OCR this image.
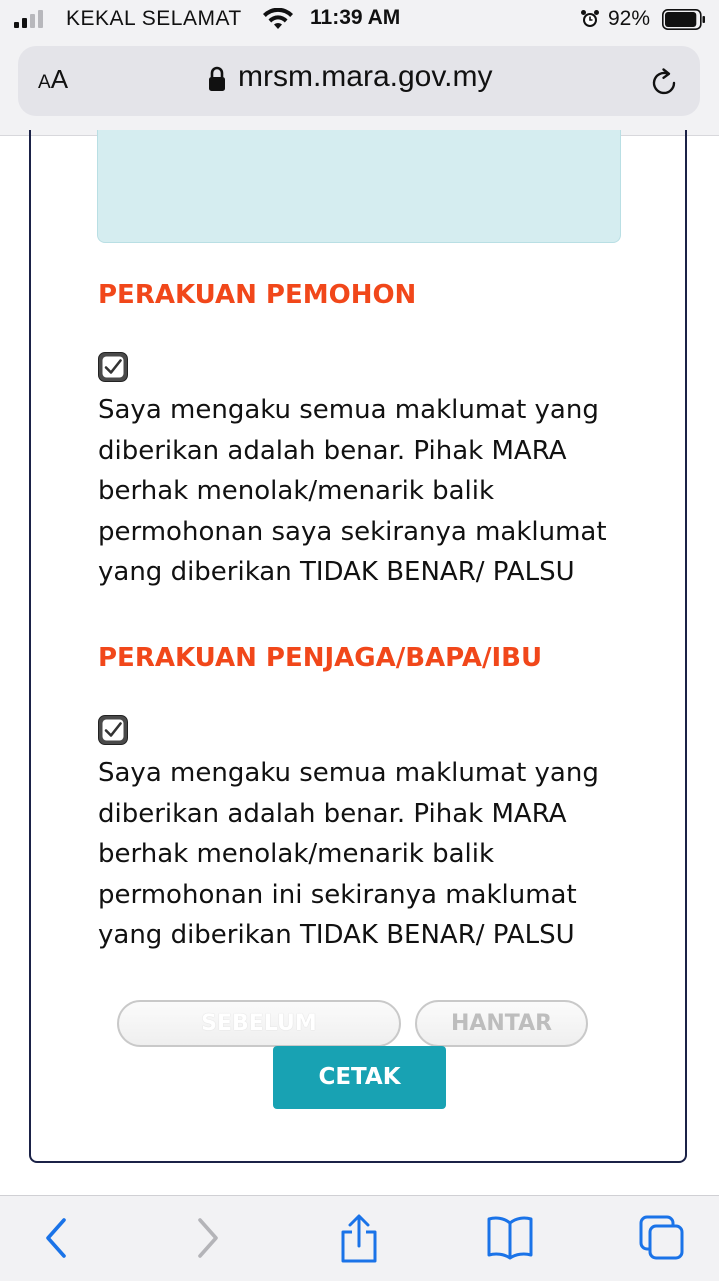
KEKAL SELAMAT	11:39 AM	92%
AA	mrsm.mara.gov.my
PERAKUAN PEMOHON
Saya mengaku semua maklumat yang diberikan adalah benar. Pihak MARA berhak menolak/menarik balik permohonan saya sekiranya maklumat yang diberikan TIDAK BENAR/ PALSU
PERAKUAN PENJAGA/BAPA/IBU
Saya mengaku semua maklumat yang diberikan adalah benar. Pihak MARA berhak menolak/menarik balik permohonan ini sekiranya maklumat yang diberikan TIDAK BENAR/ PALSU
SEBELUM	HANTAR
CETAK
